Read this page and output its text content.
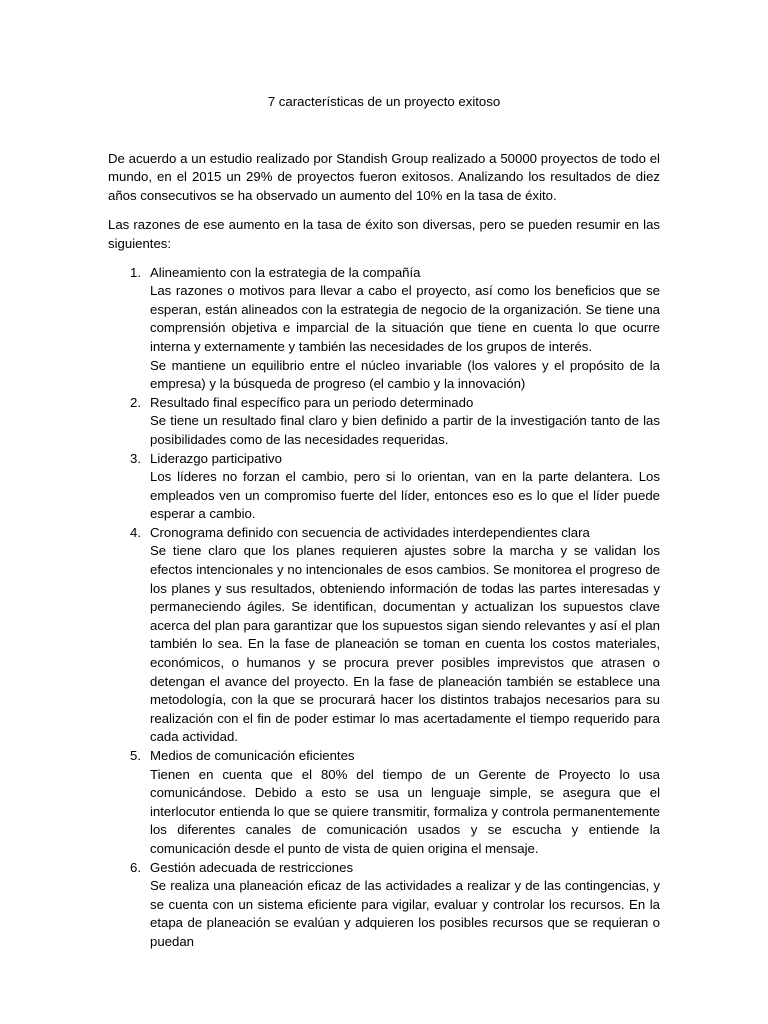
7 características de un proyecto exitoso

De acuerdo a un estudio realizado por Standish Group realizado a 50000 proyectos de todo el mundo, en el 2015 un 29% de proyectos fueron exitosos. Analizando los resultados de diez años consecutivos se ha observado un aumento del 10% en la tasa de éxito.

Las razones de ese aumento en la tasa de éxito son diversas, pero se pueden resumir en las siguientes:

1. Alineamiento con la estrategia de la compañía

Las razones o motivos para llevar a cabo el proyecto, así como los beneficios que se esperan, están alineados con la estrategia de negocio de la organización. Se tiene una comprensión objetiva e imparcial de la situación que tiene en cuenta lo que ocurre interna y externamente y también las necesidades de los grupos de interés.

Se mantiene un equilibrio entre el núcleo invariable (los valores y el propósito de la empresa) y la búsqueda de progreso (el cambio y la innovación)

2. Resultado final específico para un periodo determinado

Se tiene un resultado final claro y bien definido a partir de la investigación tanto de las posibilidades como de las necesidades requeridas.

3. Liderazgo participativo

Los líderes no forzan el cambio, pero si lo orientan, van en la parte delantera. Los empleados ven un compromiso fuerte del líder, entonces eso es lo que el líder puede esperar a cambio.

4. Cronograma definido con secuencia de actividades interdependientes clara

Se tiene claro que los planes requieren ajustes sobre la marcha y se validan los efectos intencionales y no intencionales de esos cambios. Se monitorea el progreso de los planes y sus resultados, obteniendo información de todas las partes interesadas y permaneciendo ágiles. Se identifican, documentan y actualizan los supuestos clave acerca del plan para garantizar que los supuestos sigan siendo relevantes y así el plan también lo sea. En la fase de planeación se toman en cuenta los costos materiales, económicos, o humanos y se procura prever posibles imprevistos que atrasen o detengan el avance del proyecto. En la fase de planeación también se establece una metodología, con la que se procurará hacer los distintos trabajos necesarios para su realización con el fin de poder estimar lo mas acertadamente el tiempo requerido para cada actividad.

5. Medios de comunicación eficientes

Tienen en cuenta que el 80% del tiempo de un Gerente de Proyecto lo usa comunicándose. Debido a esto se usa un lenguaje simple, se asegura que el interlocutor entienda lo que se quiere transmitir, formaliza y controla permanentemente los diferentes canales de comunicación usados y se escucha y entiende la comunicación desde el punto de vista de quien origina el mensaje.

6. Gestión adecuada de restricciones

Se realiza una planeación eficaz de las actividades a realizar y de las contingencias, y se cuenta con un sistema eficiente para vigilar, evaluar y controlar los recursos. En la etapa de planeación se evalúan y adquieren los posibles recursos que se requieran o puedan
